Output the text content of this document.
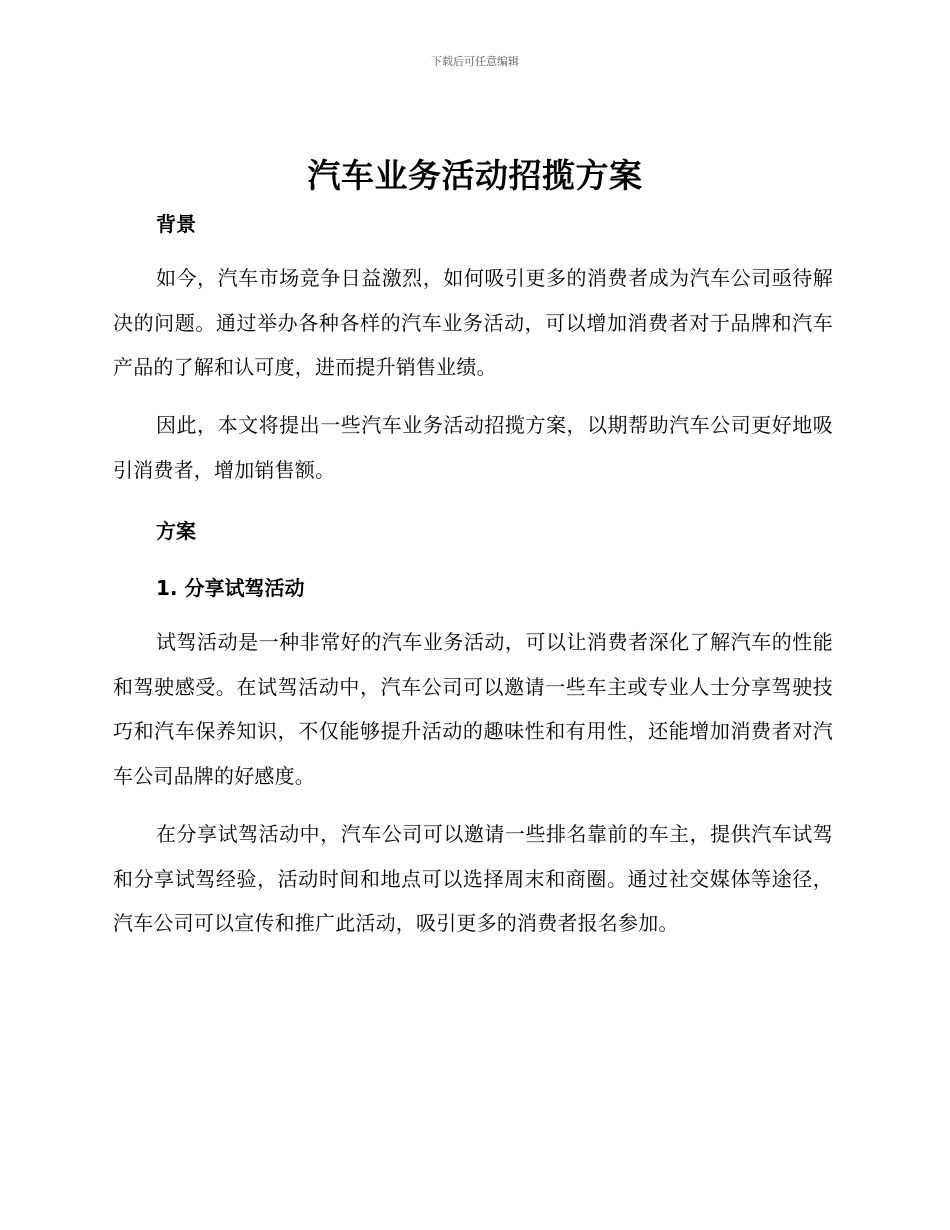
下载后可任意编辑
汽车业务活动招揽方案
背景

如今，汽车市场竞争日益激烈，如何吸引更多的消费者成为汽车公司亟待解决的问题。通过举办各种各样的汽车业务活动，可以增加消费者对于品牌和汽车产品的了解和认可度，进而提升销售业绩。

因此，本文将提出一些汽车业务活动招揽方案，以期帮助汽车公司更好地吸引消费者，增加销售额。

方案
1. 分享试驾活动

试驾活动是一种非常好的汽车业务活动，可以让消费者深化了解汽车的性能和驾驶感受。在试驾活动中，汽车公司可以邀请一些车主或专业人士分享驾驶技巧和汽车保养知识，不仅能够提升活动的趣味性和有用性，还能增加消费者对汽车公司品牌的好感度。

在分享试驾活动中，汽车公司可以邀请一些排名靠前的车主，提供汽车试驾和分享试驾经验，活动时间和地点可以选择周末和商圈。通过社交媒体等途径，汽车公司可以宣传和推广此活动，吸引更多的消费者报名参加。
